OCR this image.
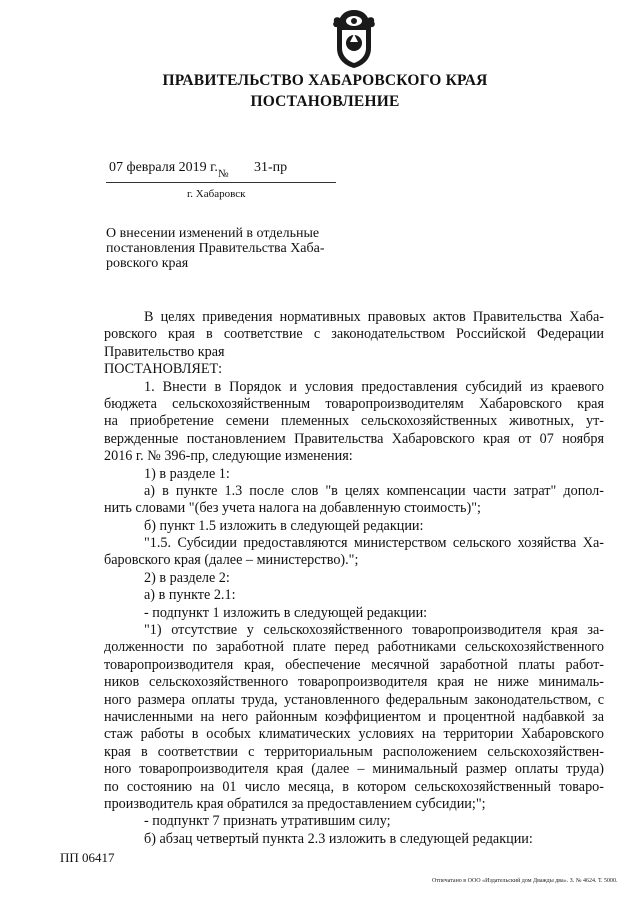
ПРАВИТЕЛЬСТВО ХАБАРОВСКОГО КРАЯ
ПОСТАНОВЛЕНИЕ
07 февраля 2019 г. № 31-пр
г. Хабаровск
О внесении изменений в отдельные
постановления Правительства Хаба-
ровского края
В целях приведения нормативных правовых актов Правительства Хаба-
ровского края в соответствие с законодательством Российской Федерации
Правительство края
ПОСТАНОВЛЯЕТ:
1. Внести в Порядок и условия предоставления субсидий из краевого
бюджета сельскохозяйственным товаропроизводителям Хабаровского края
на приобретение семени племенных сельскохозяйственных животных, ут-
вержденные постановлением Правительства Хабаровского края от 07 ноября
2016 г. № 396-пр, следующие изменения:
1) в разделе 1:
а) в пункте 1.3 после слов "в целях компенсации части затрат" допол-
нить словами "(без учета налога на добавленную стоимость)";
б) пункт 1.5 изложить в следующей редакции:
"1.5. Субсидии предоставляются министерством сельского хозяйства Ха-
баровского края (далее – министерство).";
2) в разделе 2:
а) в пункте 2.1:
- подпункт 1 изложить в следующей редакции:
"1) отсутствие у сельскохозяйственного товаропроизводителя края за-
долженности по заработной плате перед работниками сельскохозяйственного
товаропроизводителя края, обеспечение месячной заработной платы работ-
ников сельскохозяйственного товаропроизводителя края не ниже минималь-
ного размера оплаты труда, установленного федеральным законодательством, с
начисленными на него районным коэффициентом и процентной надбавкой за
стаж работы в особых климатических условиях на территории Хабаровского
края в соответствии с территориальным расположением сельскохозяйствен-
ного товаропроизводителя края (далее – минимальный размер оплаты труда)
по состоянию на 01 число месяца, в котором сельскохозяйственный товаро-
производитель края обратился за предоставлением субсидии;";
- подпункт 7 признать утратившим силу;
б) абзац четвертый пункта 2.3 изложить в следующей редакции:
ПП 06417
Отпечатано в ООО «Издательский дом Дважды два». З. № 4624. Т. 5000.
